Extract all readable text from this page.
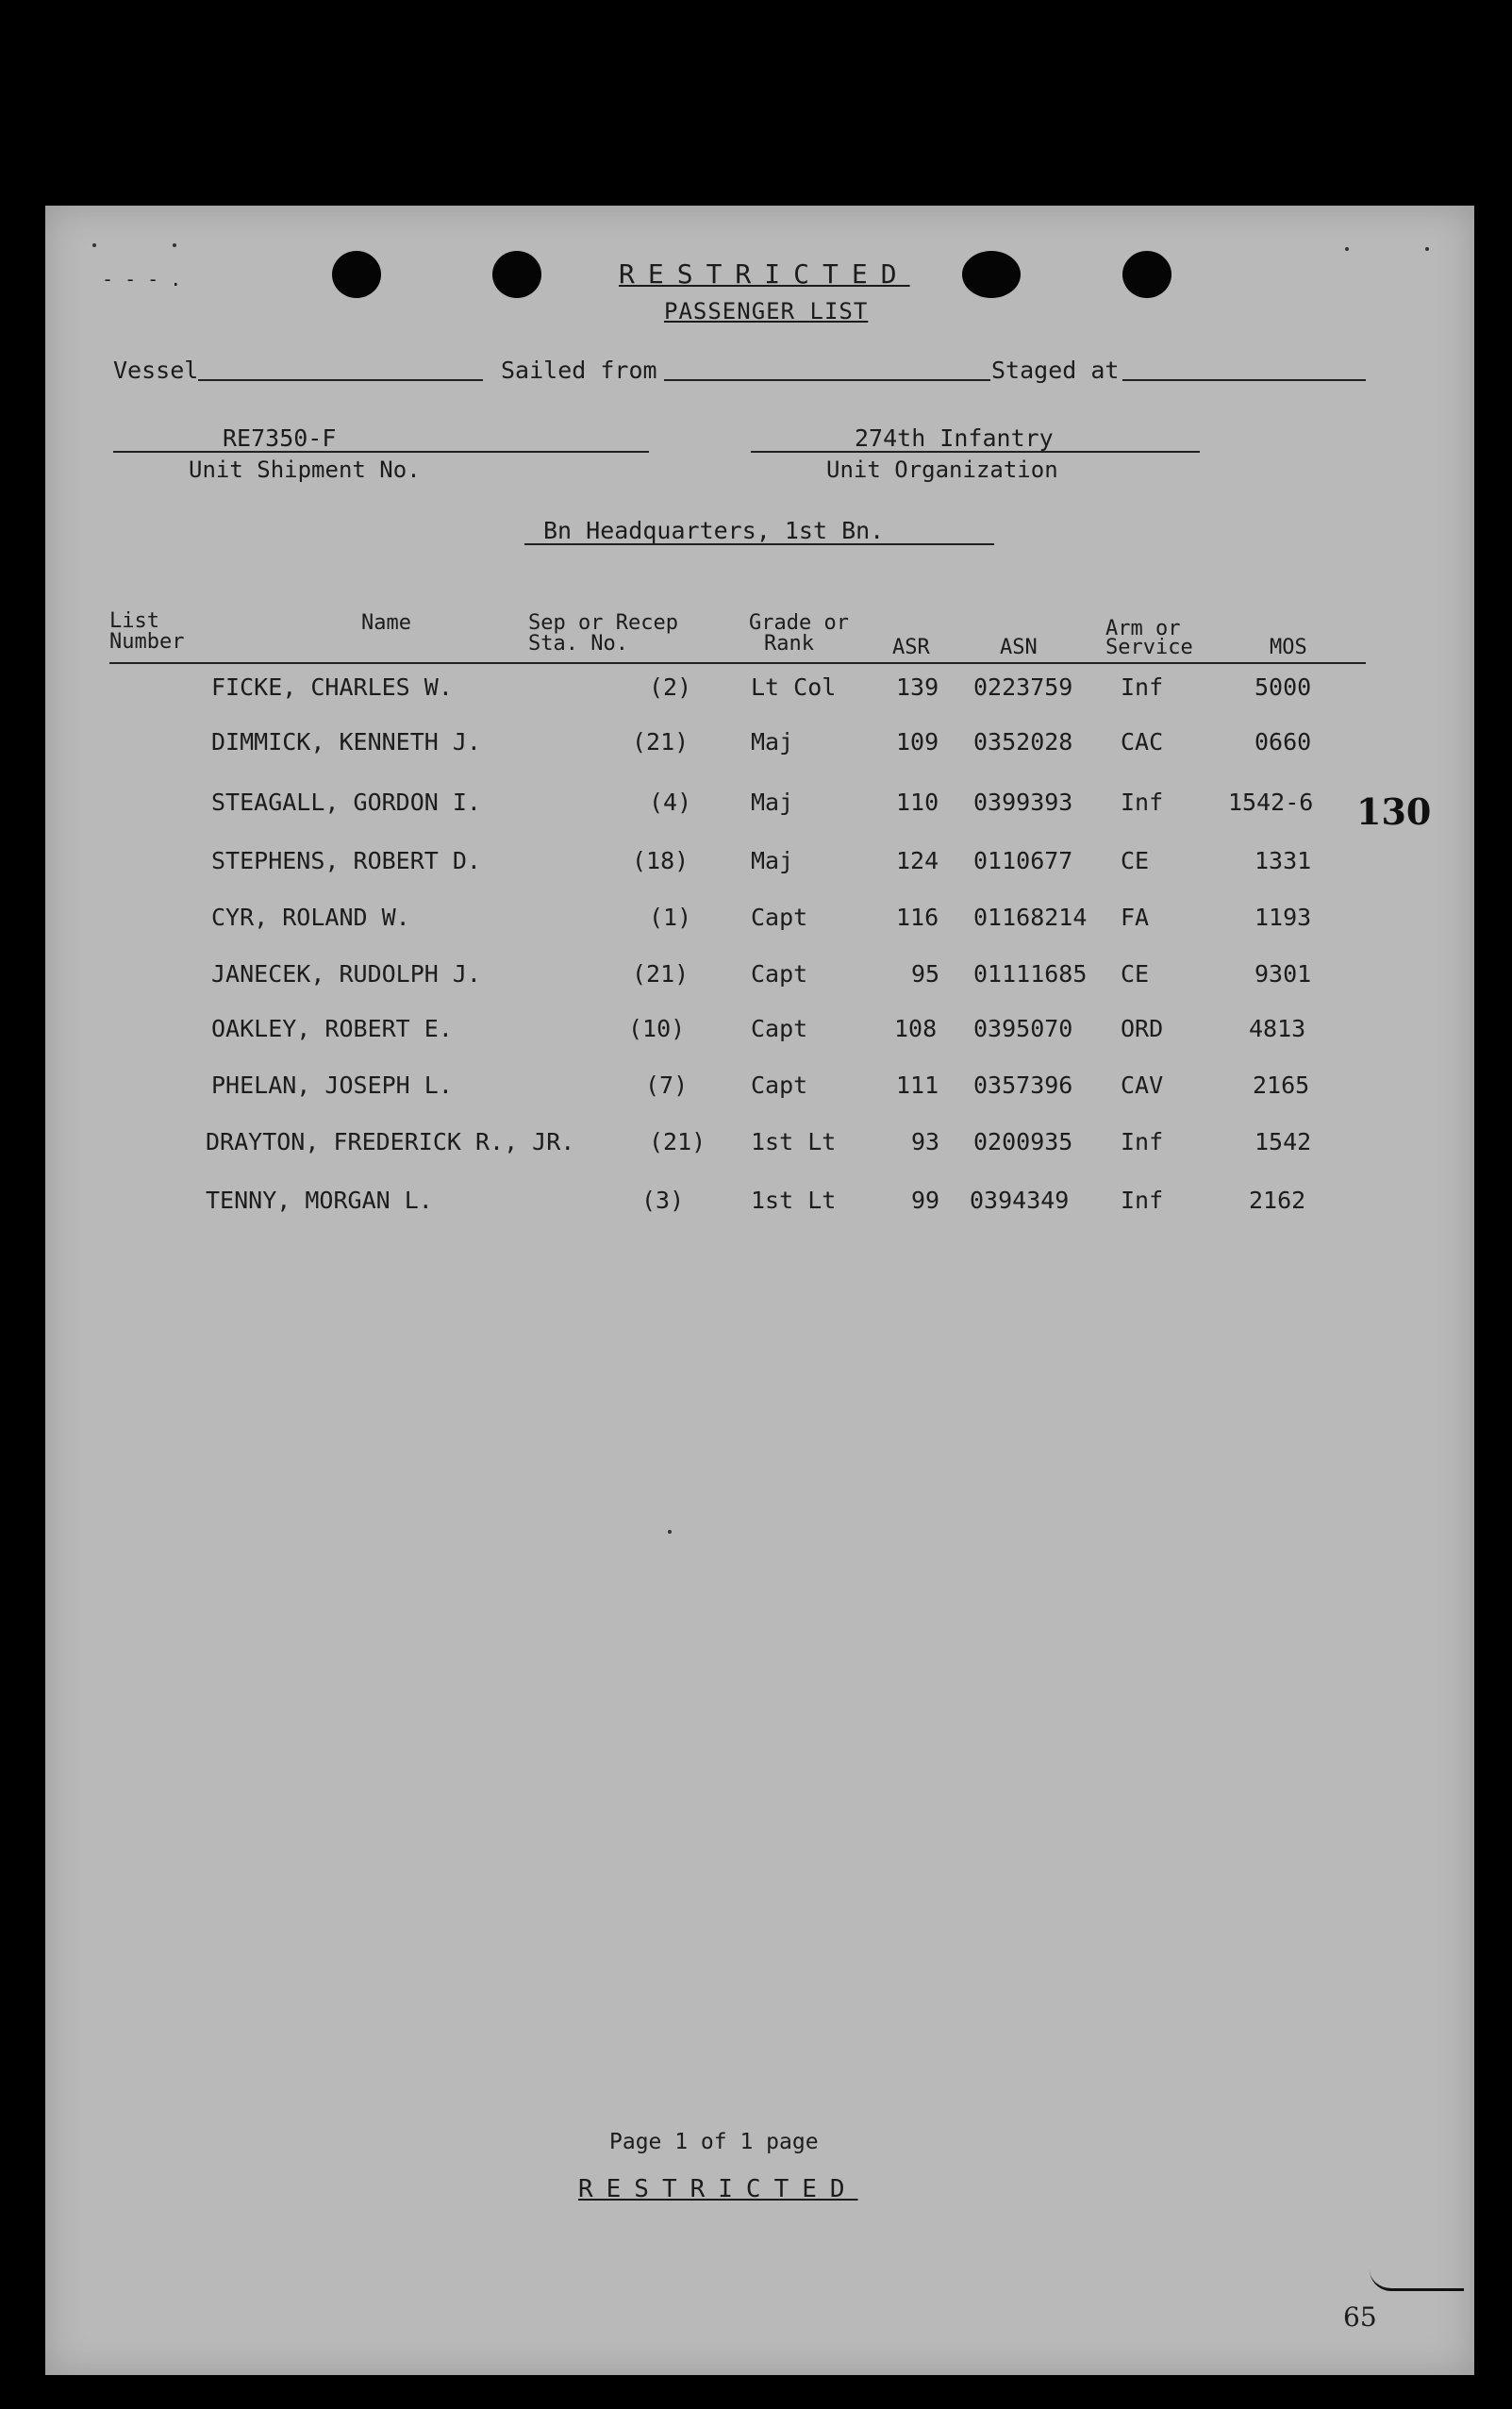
- - - .	RESTRICTED
PASSENGER LIST
Vessel	Sailed from	Staged at
RE7350-F
Unit Shipment No.
274th Infantry
Unit Organization
Bn Headquarters, 1st Bn.
List
Number
Name	Sep or Recep
Sta. No.
Grade or
Rank	ASR	ASN
Arm or
Service	MOS
FICKE, CHARLES W.	(2)	Lt Col	139 0223759 Inf	5000
DIMMICK, KENNETH J.	(21)	Maj	109 0352028 CAC	0660
STEAGALL, GORDON I.	(4)	Maj	110 0399393 Inf	1542-6
STEPHENS, ROBERT D.	(18)	Maj	124 0110677 CE	1331
CYR, ROLAND W.	(1)	Capt	116 01168214 FA	1193
JANECEK, RUDOLPH J.	(21)	Capt	95 01111685 CE	9301
OAKLEY, ROBERT E.	(10)	Capt	108 0395070 ORD	4813
PHELAN, JOSEPH L.	(7)	Capt	111 0357396 CAV	2165
DRAYTON, FREDERICK R., JR.	(21) 1st Lt	93 0200935 Inf	1542
TENNY, MORGAN L.	(3)	1st Lt	99 0394349 Inf	2162
130
Page 1 of 1 page
RESTRICTED
65
